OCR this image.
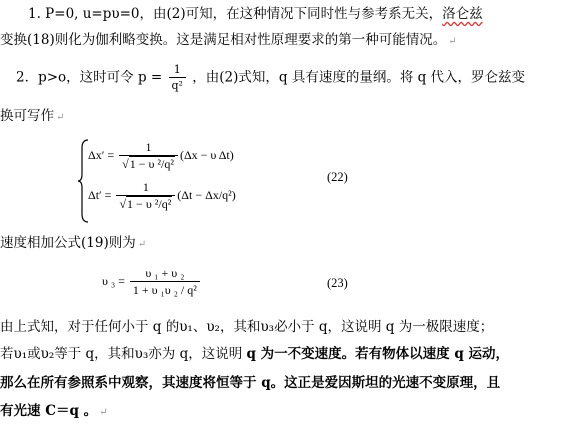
1. P=0, u=pυ=0，由(2)可知，在这种情况下同时性与参考系无关，洛仑兹
变换(18)则化为伽利略变换。这是满足相对性原理要求的第一种可能情况。 ↵
2．p>o，这时可令 $p = \frac{1}{\text{q²}}$ ，由(2)式知，q 具有速度的量纲。将 q 代入，罗仑兹变
换可写作 ↵
$\Delta x' = \frac{1}{\text{√1 − υ ²/q²}} (\Delta x - \upsilon$ Δt)
$\Delta t' = \frac{1}{\text{√1 − υ ²/q²}} (\Delta t - \Delta x/q^2)$
(22)
速度相加公式(19)则为 ↵
υ $_3 = \frac{\text{υ ₁ + υ ₂}}{\text{1 + υ ₁υ ₂ / q²}}$	(23)
由上式知，对于任何小于 q 的υ₁、υ₂，其和υ₃必小于 q，这说明 q 为一极限速度；
若υ₁或υ₂等于 q，其和υ₃亦为 q，这说明 q 为一不变速度。若有物体以速度 q 运动，
那么在所有参照系中观察，其速度将恒等于 q。这正是爱因斯坦的光速不变原理，且
有光速 C＝q 。 ↵
